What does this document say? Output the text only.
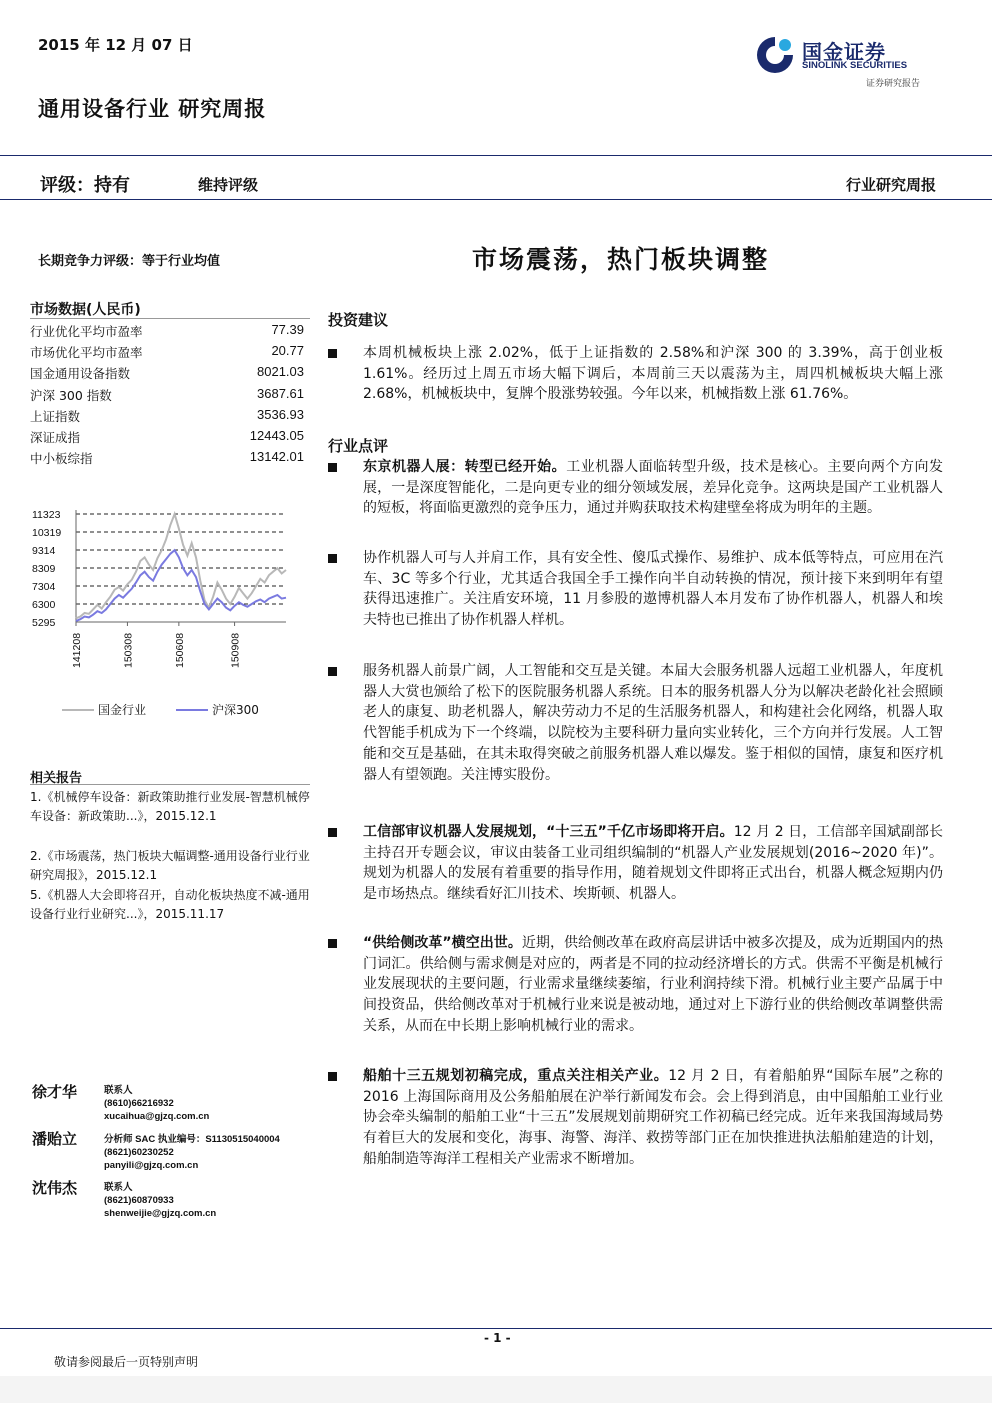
2015 年 12 月 07 日	国金证券
SINOLINK SECURITIES
证券研究报告
通用设备行业 研究周报
评级：持有	维持评级	行业研究周报
长期竞争力评级：等于行业均值	市场震荡，热门板块调整
市场数据(人民币)
行业优化平均市盈率	77.39
市场优化平均市盈率	20.77
国金通用设备指数	8021.03
沪深 300 指数	3687.61
上证指数	3536.93
深证成指	12443.05
中小板综指	13142.01
11323
10319
9314
8309
7304
6300
5295
141208	150308	150608	150908
国金行业	沪深300
相关报告
1.《机械停车设备：新政策助推行业发展-智慧机械停车设备：新政策助...》，2015.12.1
2.《市场震荡，热门板块大幅调整-通用设备行业行业研究周报》，2015.12.1
5.《机器人大会即将召开，自动化板块热度不减-通用设备行业行业研究...》，2015.11.17
徐才华	联系人
(8610)66216932
xucaihua@gjzq.com.cn
潘贻立	分析师 SAC 执业编号：S1130515040004
(8621)60230252
panyili@gjzq.com.cn
沈伟杰	联系人
(8621)60870933
shenweijie@gjzq.com.cn
投资建议
本周机械板块上涨 2.02%，低于上证指数的 2.58%和沪深 300 的 3.39%，高于创业板 1.61%。经历过上周五市场大幅下调后，本周前三天以震荡为主，周四机械板块大幅上涨 2.68%，机械板块中，复牌个股涨势较强。今年以来，机械指数上涨 61.76%。
行业点评
东京机器人展：转型已经开始。工业机器人面临转型升级，技术是核心。主要向两个方向发展，一是深度智能化，二是向更专业的细分领域发展，差异化竞争。这两块是国产工业机器人的短板，将面临更激烈的竞争压力，通过并购获取技术构建壁垒将成为明年的主题。
协作机器人可与人并肩工作，具有安全性、傻瓜式操作、易维护、成本低等特点，可应用在汽车、3C 等多个行业，尤其适合我国全手工操作向半自动转换的情况，预计接下来到明年有望获得迅速推广。关注盾安环境，11 月参股的遨博机器人本月发布了协作机器人，机器人和埃夫特也已推出了协作机器人样机。
服务机器人前景广阔，人工智能和交互是关键。本届大会服务机器人远超工业机器人，年度机器人大赏也颁给了松下的医院服务机器人系统。日本的服务机器人分为以解决老龄化社会照顾老人的康复、助老机器人，解决劳动力不足的生活服务机器人，和构建社会化网络，机器人取代智能手机成为下一个终端，以院校为主要科研力量向实业转化，三个方向并行发展。人工智能和交互是基础，在其未取得突破之前服务机器人难以爆发。鉴于相似的国情，康复和医疗机器人有望领跑。关注博实股份。
工信部审议机器人发展规划，“十三五”千亿市场即将开启。12 月 2 日，工信部辛国斌副部长主持召开专题会议，审议由装备工业司组织编制的“机器人产业发展规划(2016~2020 年)”。规划为机器人的发展有着重要的指导作用，随着规划文件即将正式出台，机器人概念短期内仍是市场热点。继续看好汇川技术、埃斯顿、机器人。
“供给侧改革”横空出世。近期，供给侧改革在政府高层讲话中被多次提及，成为近期国内的热门词汇。供给侧与需求侧是对应的，两者是不同的拉动经济增长的方式。供需不平衡是机械行业发展现状的主要问题，行业需求量继续萎缩，行业利润持续下滑。机械行业主要产品属于中间投资品，供给侧改革对于机械行业来说是被动地，通过对上下游行业的供给侧改革调整供需关系，从而在中长期上影响机械行业的需求。
船舶十三五规划初稿完成，重点关注相关产业。12 月 2 日，有着船舶界“国际车展”之称的 2016 上海国际商用及公务船舶展在沪举行新闻发布会。会上得到消息，由中国船舶工业行业协会牵头编制的船舶工业“十三五”发展规划前期研究工作初稿已经完成。近年来我国海域局势有着巨大的发展和变化，海事、海警、海洋、救捞等部门正在加快推进执法船舶建造的计划，船舶制造等海洋工程相关产业需求不断增加。
- 1 -
敬请参阅最后一页特别声明
